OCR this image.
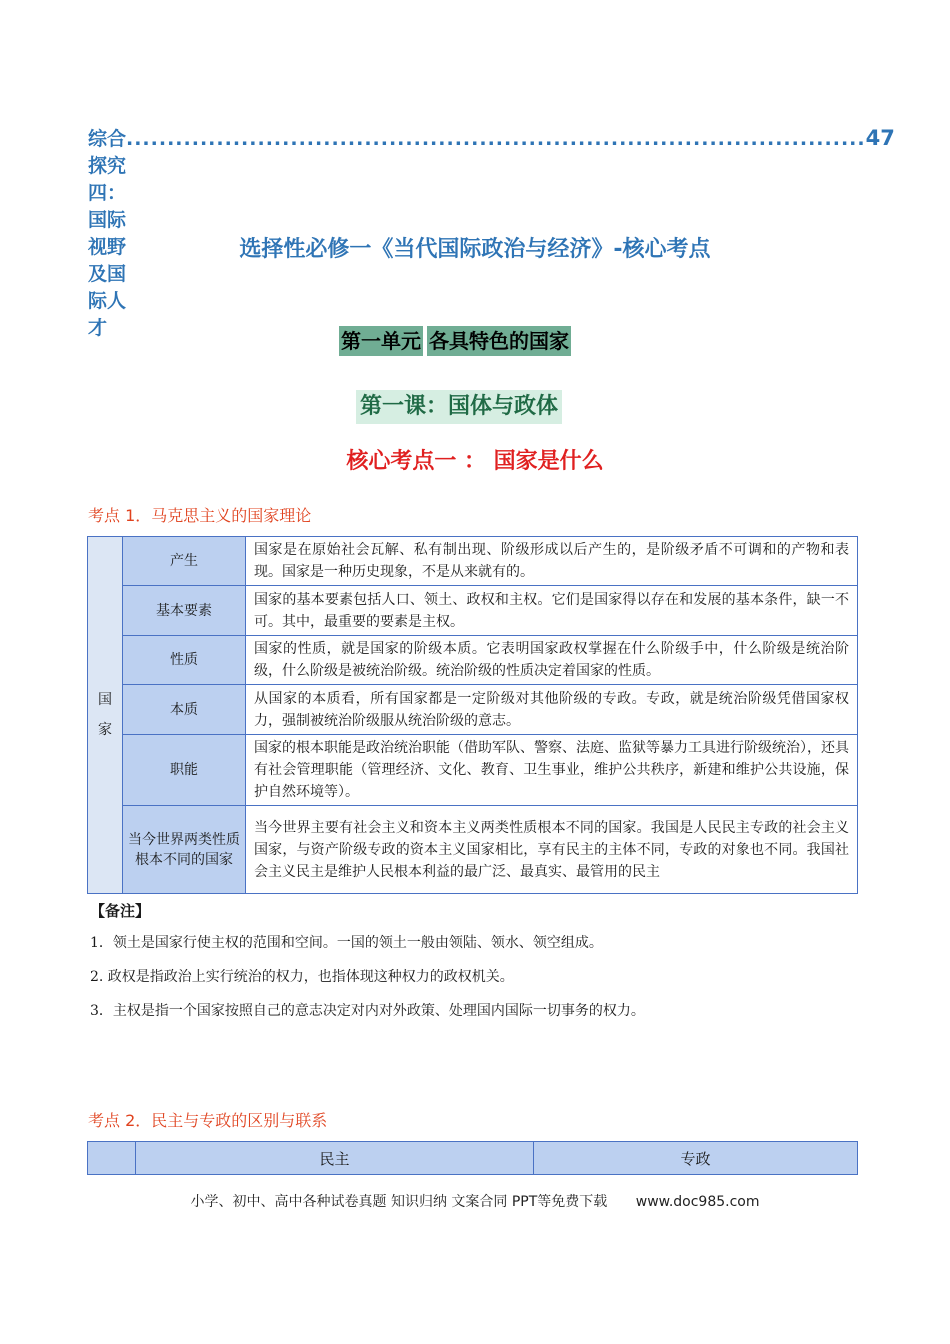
综合探究四：国际视野及国际人才
.......................................................................................... 47
选择性必修一《当代国际政治与经济》-核心考点
第一单元 各具特色的国家
第一课：国体与政体
核心考点一 ： 国家是什么
考点 1．马克思主义的国家理论
国家	产生	国家是在原始社会瓦解、私有制出现、阶级形成以后产生的，是阶级矛盾不可调和的产物和表现。国家是一种历史现象，不是从来就有的。
	基本要素	国家的基本要素包括人口、领土、政权和主权。它们是国家得以存在和发展的基本条件，缺一不可。其中，最重要的要素是主权。
	性质	国家的性质，就是国家的阶级本质。它表明国家政权掌握在什么阶级手中，什么阶级是统治阶级，什么阶级是被统治阶级。统治阶级的性质决定着国家的性质。
	本质	从国家的本质看，所有国家都是一定阶级对其他阶级的专政。专政，就是统治阶级凭借国家权力，强制被统治阶级服从统治阶级的意志。
	职能	国家的根本职能是政治统治职能（借助军队、警察、法庭、监狱等暴力工具进行阶级统治），还具有社会管理职能（管理经济、文化、教育、卫生事业，维护公共秩序，新建和维护公共设施，保护自然环境等）。
	当今世界两类性质根本不同的国家	当今世界主要有社会主义和资本主义两类性质根本不同的国家。我国是人民民主专政的社会主义国家，与资产阶级专政的资本主义国家相比，享有民主的主体不同，专政的对象也不同。我国社会主义民主是维护人民根本利益的最广泛、最真实、最管用的民主
【备注】
1．领土是国家行使主权的范围和空间。一国的领土一般由领陆、领水、领空组成。
2. 政权是指政治上实行统治的权力，也指体现这种权力的政权机关。
3．主权是指一个国家按照自己的意志决定对内对外政策、处理国内国际一切事务的权力。
考点 2．民主与专政的区别与联系
	民主	专政
小学、初中、高中各种试卷真题 知识归纳 文案合同 PPT等免费下载 www.doc985.com
